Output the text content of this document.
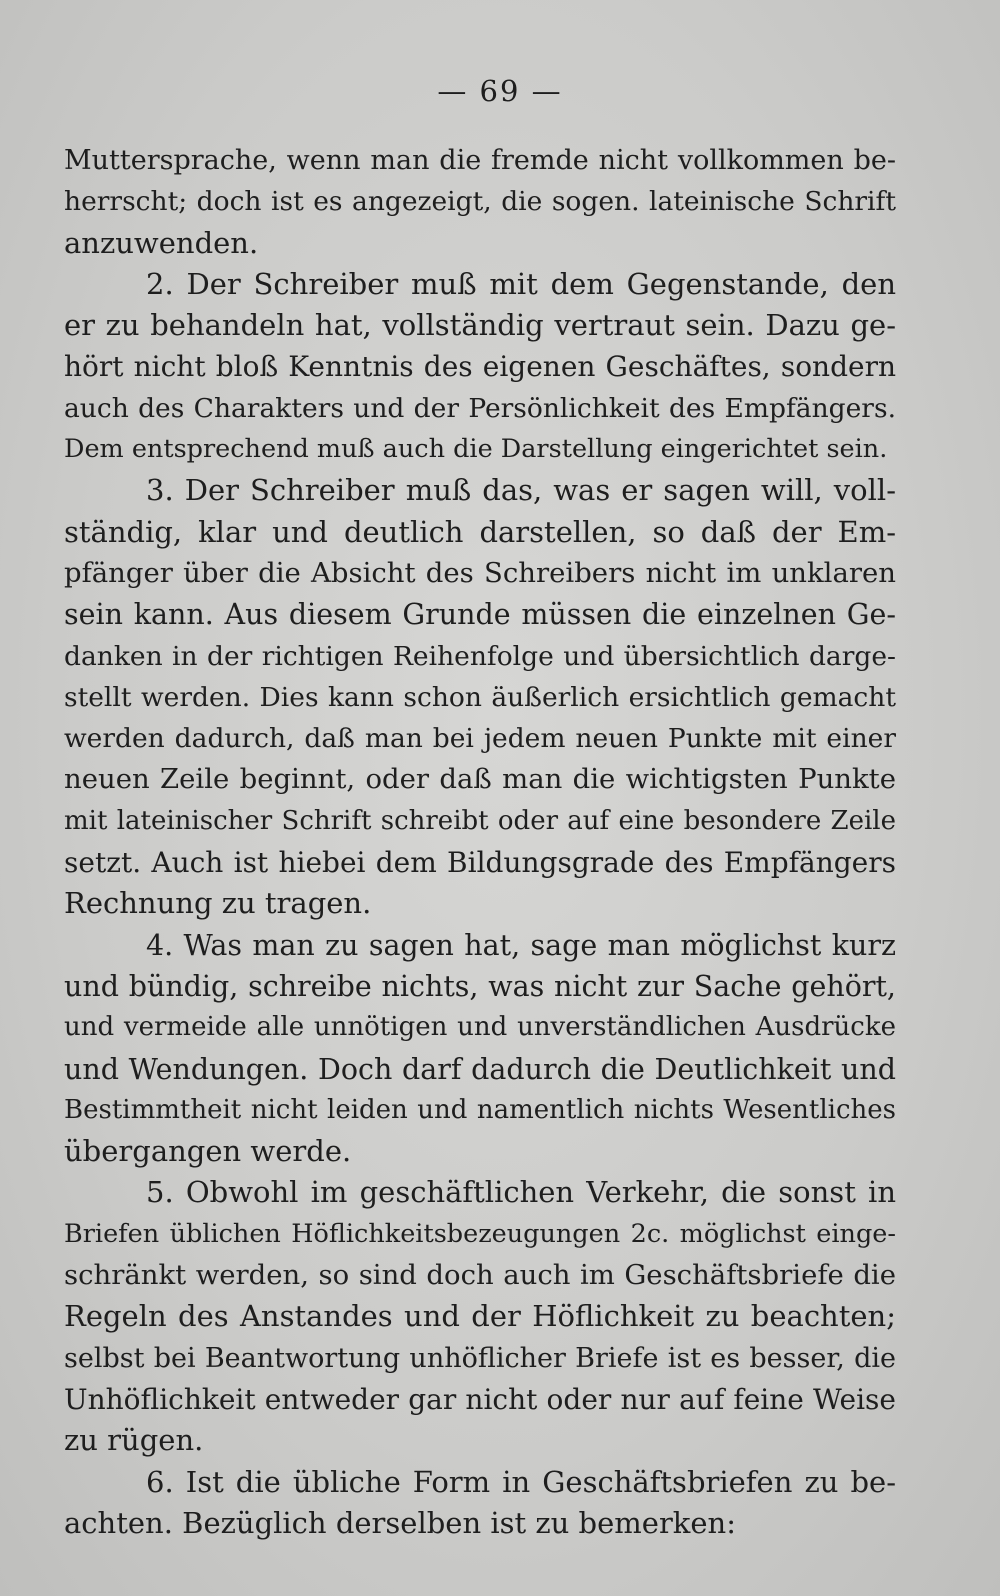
— 69 —
Muttersprache, wenn man die fremde nicht vollkommen be-
herrscht; doch ist es angezeigt, die sogen. lateinische Schrift
anzuwenden.
2. Der Schreiber muß mit dem Gegenstande, den
er zu behandeln hat, vollständig vertraut sein. Dazu ge-
hört nicht bloß Kenntnis des eigenen Geschäftes, sondern
auch des Charakters und der Persönlichkeit des Empfängers.
Dem entsprechend muß auch die Darstellung eingerichtet sein.
3. Der Schreiber muß das, was er sagen will, voll-
ständig, klar und deutlich darstellen, so daß der Em-
pfänger über die Absicht des Schreibers nicht im unklaren
sein kann. Aus diesem Grunde müssen die einzelnen Ge-
danken in der richtigen Reihenfolge und übersichtlich darge-
stellt werden. Dies kann schon äußerlich ersichtlich gemacht
werden dadurch, daß man bei jedem neuen Punkte mit einer
neuen Zeile beginnt, oder daß man die wichtigsten Punkte
mit lateinischer Schrift schreibt oder auf eine besondere Zeile
setzt. Auch ist hiebei dem Bildungsgrade des Empfängers
Rechnung zu tragen.
4. Was man zu sagen hat, sage man möglichst kurz
und bündig, schreibe nichts, was nicht zur Sache gehört,
und vermeide alle unnötigen und unverständlichen Ausdrücke
und Wendungen. Doch darf dadurch die Deutlichkeit und
Bestimmtheit nicht leiden und namentlich nichts Wesentliches
übergangen werde.
5. Obwohl im geschäftlichen Verkehr, die sonst in
Briefen üblichen Höflichkeitsbezeugungen 2c. möglichst einge-
schränkt werden, so sind doch auch im Geschäftsbriefe die
Regeln des Anstandes und der Höflichkeit zu beachten;
selbst bei Beantwortung unhöflicher Briefe ist es besser, die
Unhöflichkeit entweder gar nicht oder nur auf feine Weise
zu rügen.
6. Ist die übliche Form in Geschäftsbriefen zu be-
achten. Bezüglich derselben ist zu bemerken:
